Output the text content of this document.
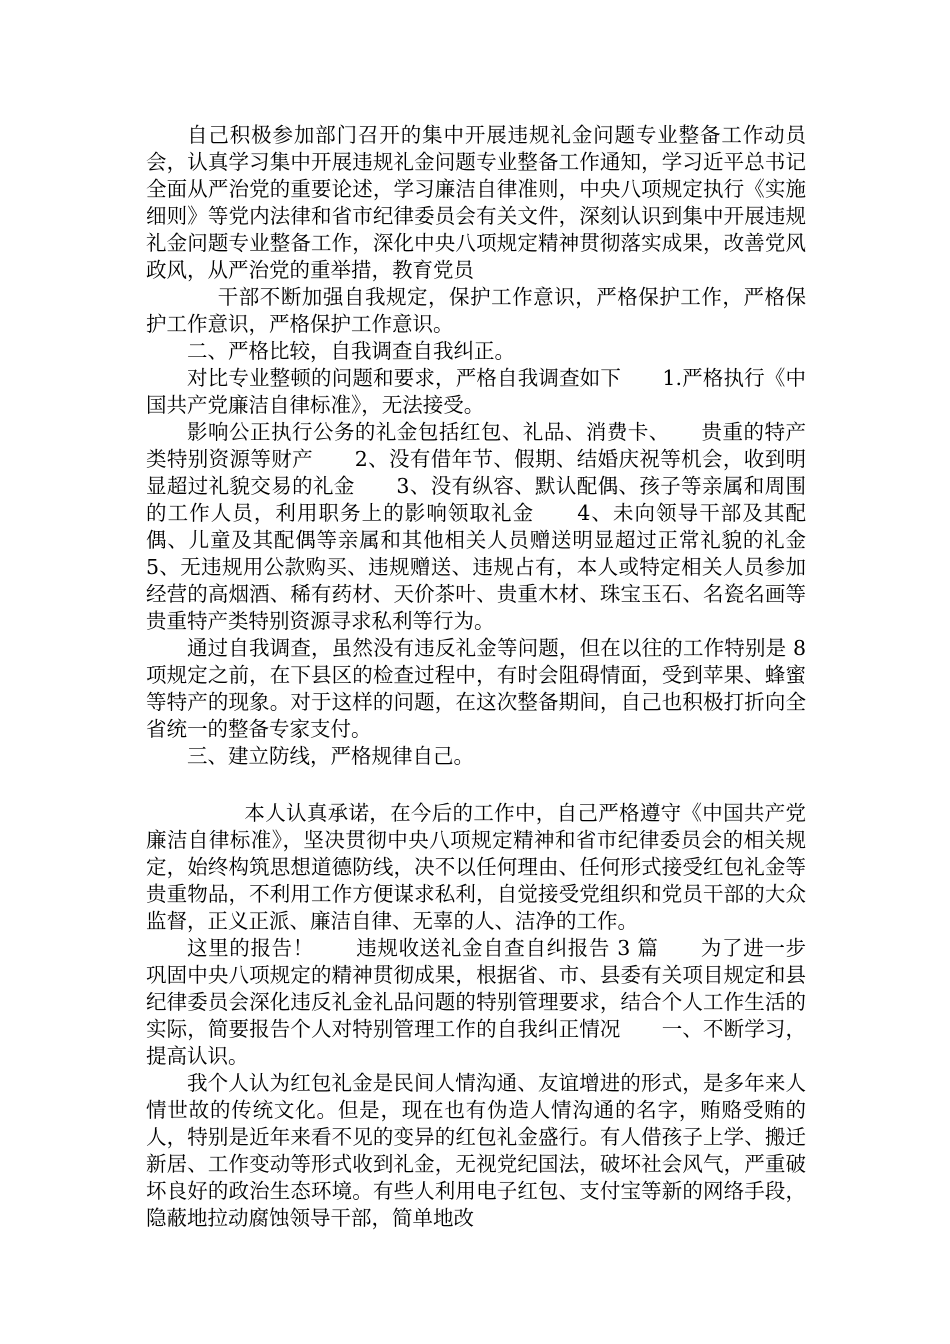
自己积极参加部门召开的集中开展违规礼金问题专业整备工作动员会，认真学习集中开展违规礼金问题专业整备工作通知，学习近平总书记全面从严治党的重要论述，学习廉洁自律准则，中央八项规定执行《实施细则》等党内法律和省市纪律委员会有关文件，深刻认识到集中开展违规礼金问题专业整备工作，深化中央八项规定精神贯彻落实成果，改善党风政风，从严治党的重举措，教育党员

干部不断加强自我规定，保护工作意识，严格保护工作，严格保护工作意识，严格保护工作意识。

二、严格比较，自我调查自我纠正。

对比专业整顿的问题和要求，严格自我调查如下　　1.严格执行《中国共产党廉洁自律标准》，无法接受。

影响公正执行公务的礼金包括红包、礼品、消费卡、　　贵重的特产类特别资源等财产　　2、没有借年节、假期、结婚庆祝等机会，收到明显超过礼貌交易的礼金　　3、没有纵容、默认配偶、孩子等亲属和周围的工作人员，利用职务上的影响领取礼金　　4、未向领导干部及其配偶、儿童及其配偶等亲属和其他相关人员赠送明显超过正常礼貌的礼金　　5、无违规用公款购买、违规赠送、违规占有，本人或特定相关人员参加经营的高烟酒、稀有药材、天价茶叶、贵重木材、珠宝玉石、名瓷名画等贵重特产类特别资源寻求私利等行为。

通过自我调查，虽然没有违反礼金等问题，但在以往的工作特别是 8 项规定之前，在下县区的检查过程中，有时会阻碍情面，受到苹果、蜂蜜等特产的现象。对于这样的问题，在这次整备期间，自己也积极打折向全省统一的整备专家支付。

三、建立防线，严格规律自己。

本人认真承诺，在今后的工作中，自己严格遵守《中国共产党廉洁自律标准》，坚决贯彻中央八项规定精神和省市纪律委员会的相关规定，始终构筑思想道德防线，决不以任何理由、任何形式接受红包礼金等贵重物品，不利用工作方便谋求私利，自觉接受党组织和党员干部的大众监督，正义正派、廉洁自律、无辜的人、洁净的工作。

这里的报告！　　违规收送礼金自查自纠报告 3 篇　　为了进一步巩固中央八项规定的精神贯彻成果，根据省、市、县委有关项目规定和县纪律委员会深化违反礼金礼品问题的特别管理要求，结合个人工作生活的实际，简要报告个人对特别管理工作的自我纠正情况　　一、不断学习，提高认识。

我个人认为红包礼金是民间人情沟通、友谊增进的形式，是多年来人情世故的传统文化。但是，现在也有伪造人情沟通的名字，贿赂受贿的人，特别是近年来看不见的变异的红包礼金盛行。有人借孩子上学、搬迁新居、工作变动等形式收到礼金，无视党纪国法，破坏社会风气，严重破坏良好的政治生态环境。有些人利用电子红包、支付宝等新的网络手段，隐蔽地拉动腐蚀领导干部，简单地改
